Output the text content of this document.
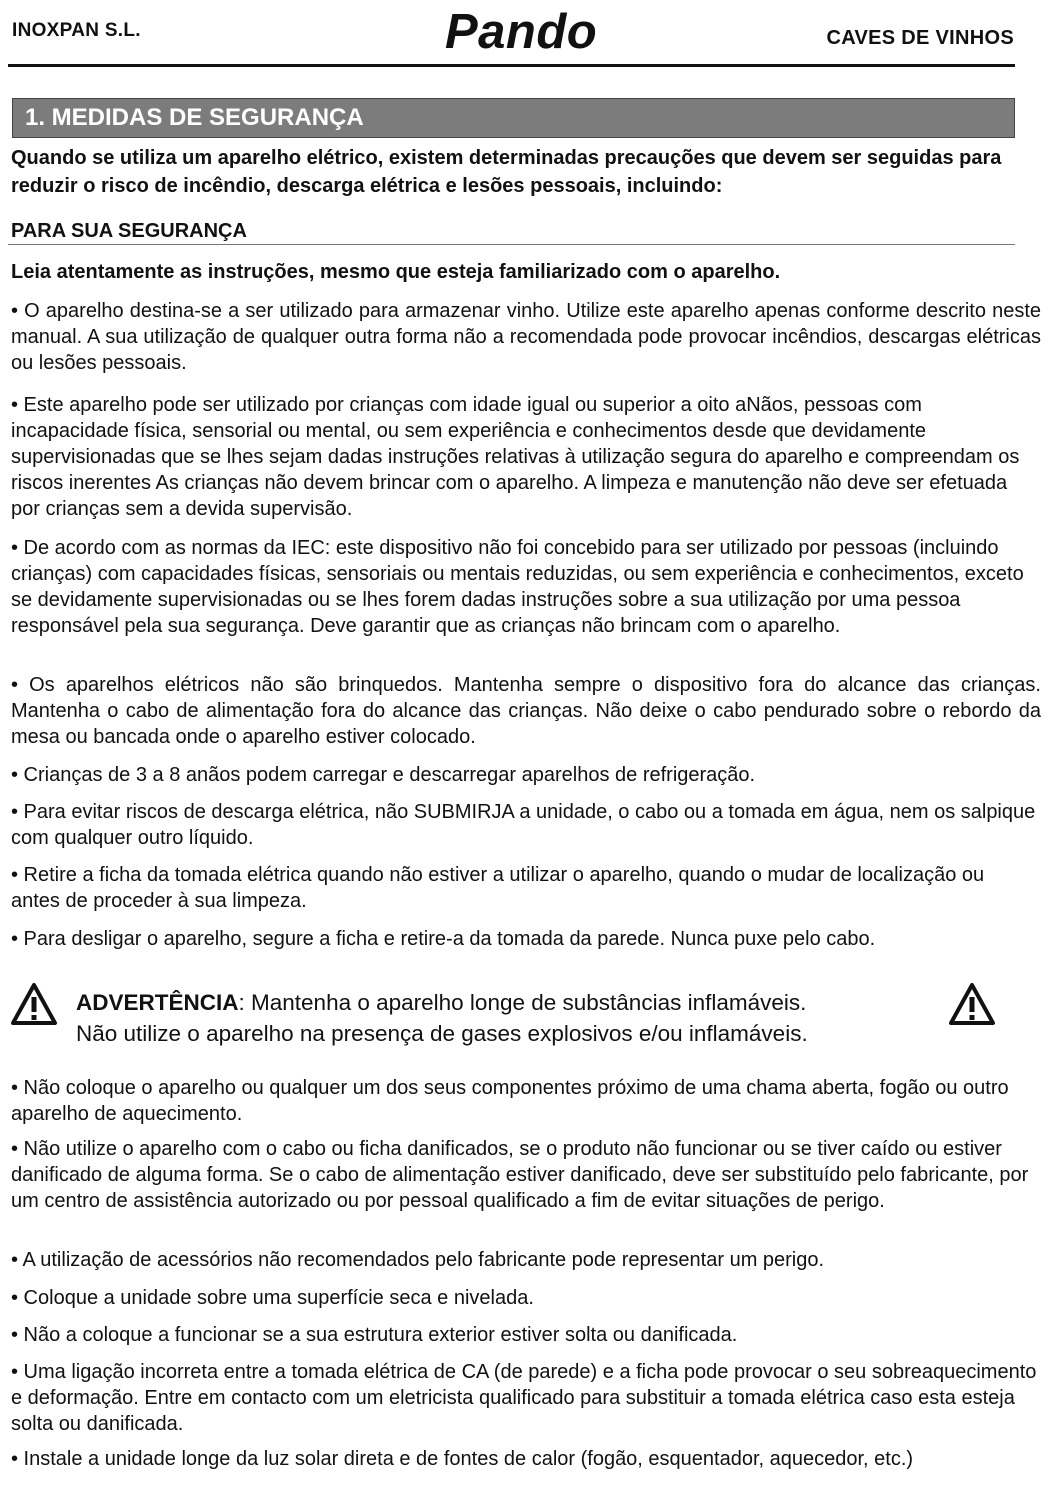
INOXPAN S.L.	Pando	CAVES DE VINHOS
1. MEDIDAS DE SEGURANÇA
Quando se utiliza um aparelho elétrico, existem determinadas precauções que devem ser seguidas para reduzir o risco de incêndio, descarga elétrica e lesões pessoais, incluindo:
PARA SUA SEGURANÇA
Leia atentamente as instruções, mesmo que esteja familiarizado com o aparelho.

• O aparelho destina-se a ser utilizado para armazenar vinho. Utilize este aparelho apenas conforme descrito neste manual. A sua utilização de qualquer outra forma não a recomendada pode provocar incêndios, descargas elétricas ou lesões pessoais.

• Este aparelho pode ser utilizado por crianças com idade igual ou superior a oito aNãos, pessoas com incapacidade física, sensorial ou mental, ou sem experiência e conhecimentos desde que devidamente supervisionadas que se lhes sejam dadas instruções relativas à utilização segura do aparelho e compreendam os riscos inerentes As crianças não devem brincar com o aparelho. A limpeza e manutenção não deve ser efetuada por crianças sem a devida supervisão.

• De acordo com as normas da IEC: este dispositivo não foi concebido para ser utilizado por pessoas (incluindo crianças) com capacidades físicas, sensoriais ou mentais reduzidas, ou sem experiência e conhecimentos, exceto se devidamente supervisionadas ou se lhes forem dadas instruções sobre a sua utilização por uma pessoa responsável pela sua segurança. Deve garantir que as crianças não brincam com o aparelho.

• Os aparelhos elétricos não são brinquedos. Mantenha sempre o dispositivo fora do alcance das crianças. Mantenha o cabo de alimentação fora do alcance das crianças. Não deixe o cabo pendurado sobre o rebordo da mesa ou bancada onde o aparelho estiver colocado.

• Crianças de 3 a 8 anãos podem carregar e descarregar aparelhos de refrigeração.

• Para evitar riscos de descarga elétrica, não SUBMIRJA a unidade, o cabo ou a tomada em água, nem os salpique com qualquer outro líquido.

• Retire a ficha da tomada elétrica quando não estiver a utilizar o aparelho, quando o mudar de localização ou antes de proceder à sua limpeza.

• Para desligar o aparelho, segure a ficha e retire-a da tomada da parede. Nunca puxe pelo cabo.

ADVERTÊNCIA: Mantenha o aparelho longe de substâncias inflamáveis.
Não utilize o aparelho na presença de gases explosivos e/ou inflamáveis.

• Não coloque o aparelho ou qualquer um dos seus componentes próximo de uma chama aberta, fogão ou outro aparelho de aquecimento.

• Não utilize o aparelho com o cabo ou ficha danificados, se o produto não funcionar ou se tiver caído ou estiver danificado de alguma forma. Se o cabo de alimentação estiver danificado, deve ser substituído pelo fabricante, por um centro de assistência autorizado ou por pessoal qualificado a fim de evitar situações de perigo.

• A utilização de acessórios não recomendados pelo fabricante pode representar um perigo.

• Coloque a unidade sobre uma superfície seca e nivelada.

• Não a coloque a funcionar se a sua estrutura exterior estiver solta ou danificada.

• Uma ligação incorreta entre a tomada elétrica de CA (de parede) e a ficha pode provocar o seu sobreaquecimento e deformação. Entre em contacto com um eletricista qualificado para substituir a tomada elétrica caso esta esteja solta ou danificada.

• Instale a unidade longe da luz solar direta e de fontes de calor (fogão, esquentador, aquecedor, etc.)
